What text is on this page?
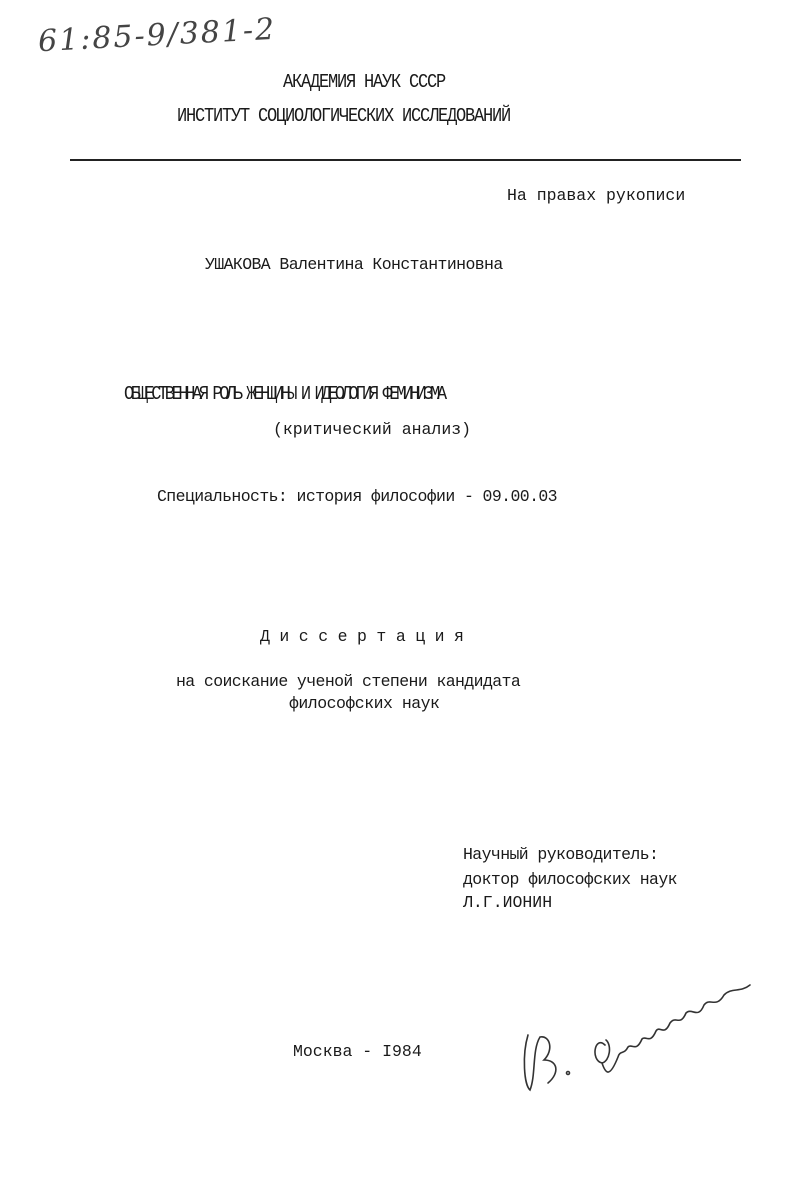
61:85-9/381-2
АКАДЕМИЯ НАУК СССР
ИНСТИТУТ СОЦИОЛОГИЧЕСКИХ ИССЛЕДОВАНИЙ
На правах рукописи
УШАКОВА Валентина Константиновна
ОБЩЕСТВЕННАЯ РОЛЬ ЖЕНЩИНЫ И ИДЕОЛОГИЯ ФЕМИНИЗМА
(критический анализ)
Специальность: история философии - 09.00.03
Д и с с е р т а ц и я
на соискание ученой степени кандидата
философских наук
Научный руководитель:
доктор философских наук
Л.Г.ИОНИН
Москва - I984
